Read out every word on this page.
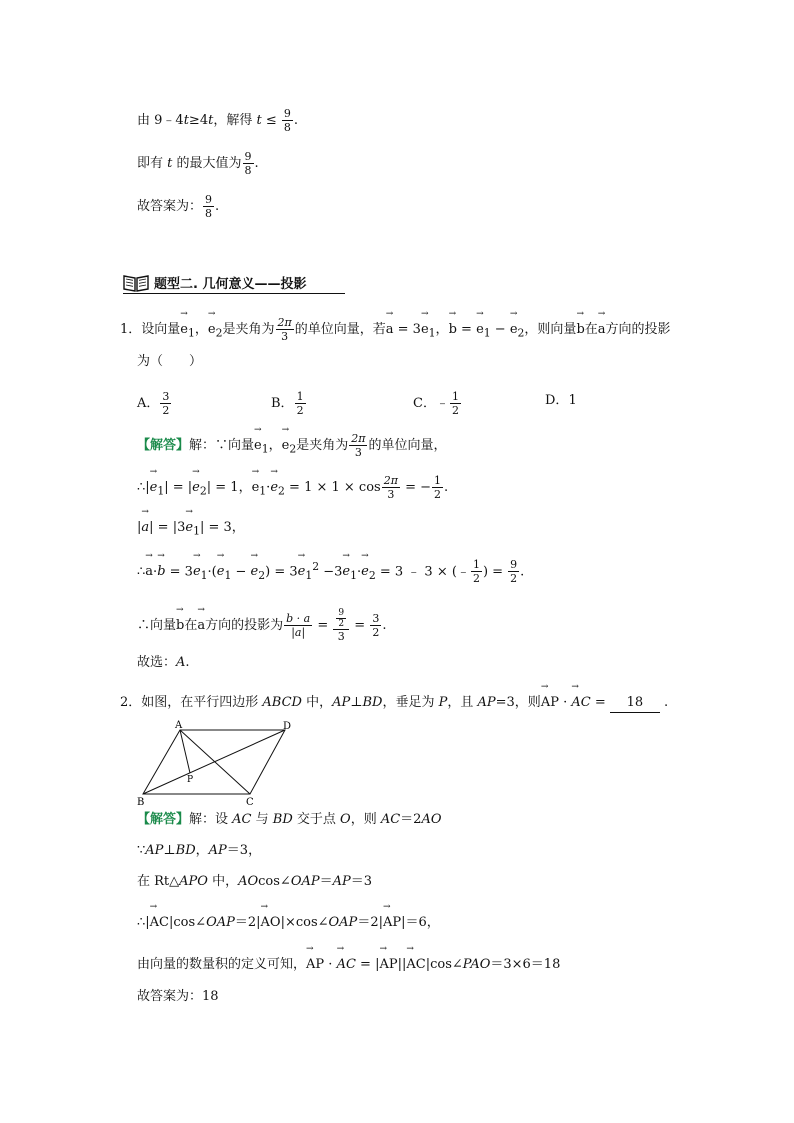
由 9﹣4t≥4t，解得 $t \le \frac{9}{8}$ .
即有 t 的最大值为 $\frac{9}{8}$ .
故答案为： $\frac{9}{8}$ .
题型二. 几何意义——投影
1．设向量→ $e_1$，→ $e_2$是夹角为 $\frac{2\pi}{3}$ 的单位向量，若→ $a = 3\to e_1$，→ b = → $e_1$ − → $e_2$，则向量→ b在→ a方向的投影
为（　　）
A． $\frac{3}{2}$	B． $\frac{1}{2}$	C．﹣ $\frac{1}{2}$	D．1
【解答】解：∵向量→ $e_1$，→ $e_2$是夹角为 $\frac{2\pi}{3}$ 的单位向量，
∴|→ $e_1|$ = |→ $e_2| = 1$，→ $e_1\cdot\to e_2 = 1 \times 1 \times \cos \frac{2\pi}{3}$ = − $\frac{1}{2}$ .
|→ $a| = |3\to e_1| = 3$，
∴→ $a\cdot\to b = 3\to e_1\cdot(\to e_1$ − → $e_2) = 3\to e_1^2 -3\to e_1\cdot\to e_2 = 3$ ﹣ 3 × (﹣ $\frac{1}{2}$ ) = $\frac{9}{2}$ .
∴向量→ b在→ a方向的投影为 $\frac{b \cdot a}{|a|} = \frac{\frac{9}{2}}{3} = \frac{3}{2}$ .
故选：A.
2．如图，在平行四边形 ABCD 中，AP⊥BD，垂足为 P，且 AP=3，则→ AP · → AC = 18 .
A	D
B	C
P
【解答】解：设 AC 与 BD 交于点 O，则 AC＝2AO
∵AP⊥BD，AP＝3，
在 Rt△APO 中，AOcos∠OAP＝AP＝3
∴|→ AC|cos∠OAP＝2|→ AO|×cos∠OAP＝2|→ AP|＝6，
由向量的数量积的定义可知，→ AP · → AC = |→ AP||→ AC|cos∠PAO＝3×6＝18
故答案为：18
